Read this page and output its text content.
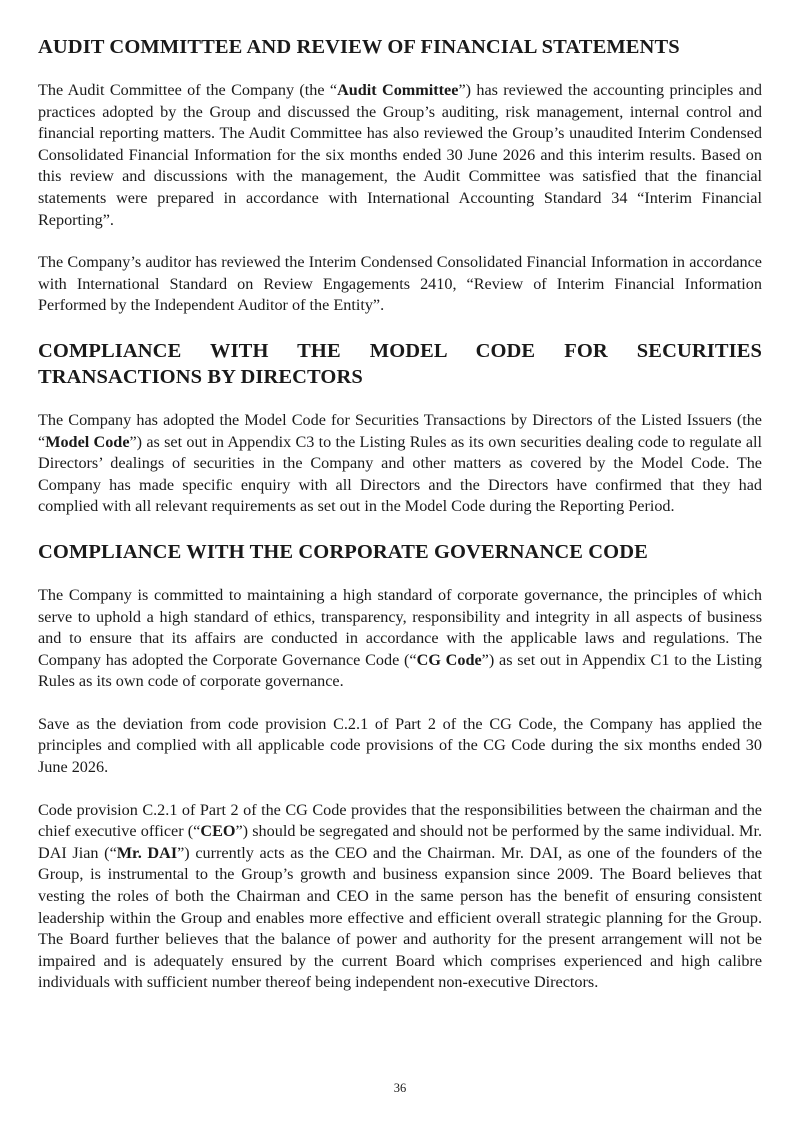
AUDIT COMMITTEE AND REVIEW OF FINANCIAL STATEMENTS

The Audit Committee of the Company (the “Audit Committee”) has reviewed the accounting principles and practices adopted by the Group and discussed the Group’s auditing, risk management, internal control and financial reporting matters. The Audit Committee has also reviewed the Group’s unaudited Interim Condensed Consolidated Financial Information for the six months ended 30 June 2026 and this interim results. Based on this review and discussions with the management, the Audit Committee was satisfied that the financial statements were prepared in accordance with International Accounting Standard 34 “Interim Financial Reporting”.

The Company’s auditor has reviewed the Interim Condensed Consolidated Financial Information in accordance with International Standard on Review Engagements 2410, “Review of Interim Financial Information Performed by the Independent Auditor of the Entity”.

COMPLIANCE WITH THE MODEL CODE FOR SECURITIES
TRANSACTIONS BY DIRECTORS

The Company has adopted the Model Code for Securities Transactions by Directors of the Listed Issuers (the “Model Code”) as set out in Appendix C3 to the Listing Rules as its own securities dealing code to regulate all Directors’ dealings of securities in the Company and other matters as covered by the Model Code. The Company has made specific enquiry with all Directors and the Directors have confirmed that they had complied with all relevant requirements as set out in the Model Code during the Reporting Period.

COMPLIANCE WITH THE CORPORATE GOVERNANCE CODE

The Company is committed to maintaining a high standard of corporate governance, the principles of which serve to uphold a high standard of ethics, transparency, responsibility and integrity in all aspects of business and to ensure that its affairs are conducted in accordance with the applicable laws and regulations. The Company has adopted the Corporate Governance Code (“CG Code”) as set out in Appendix C1 to the Listing Rules as its own code of corporate governance.

Save as the deviation from code provision C.2.1 of Part 2 of the CG Code, the Company has applied the principles and complied with all applicable code provisions of the CG Code during the six months ended 30 June 2026.

Code provision C.2.1 of Part 2 of the CG Code provides that the responsibilities between the chairman and the chief executive officer (“CEO”) should be segregated and should not be performed by the same individual. Mr. DAI Jian (“Mr. DAI”) currently acts as the CEO and the Chairman. Mr. DAI, as one of the founders of the Group, is instrumental to the Group’s growth and business expansion since 2009. The Board believes that vesting the roles of both the Chairman and CEO in the same person has the benefit of ensuring consistent leadership within the Group and enables more effective and efficient overall strategic planning for the Group. The Board further believes that the balance of power and authority for the present arrangement will not be impaired and is adequately ensured by the current Board which comprises experienced and high calibre individuals with sufficient number thereof being independent non-executive Directors.

36
